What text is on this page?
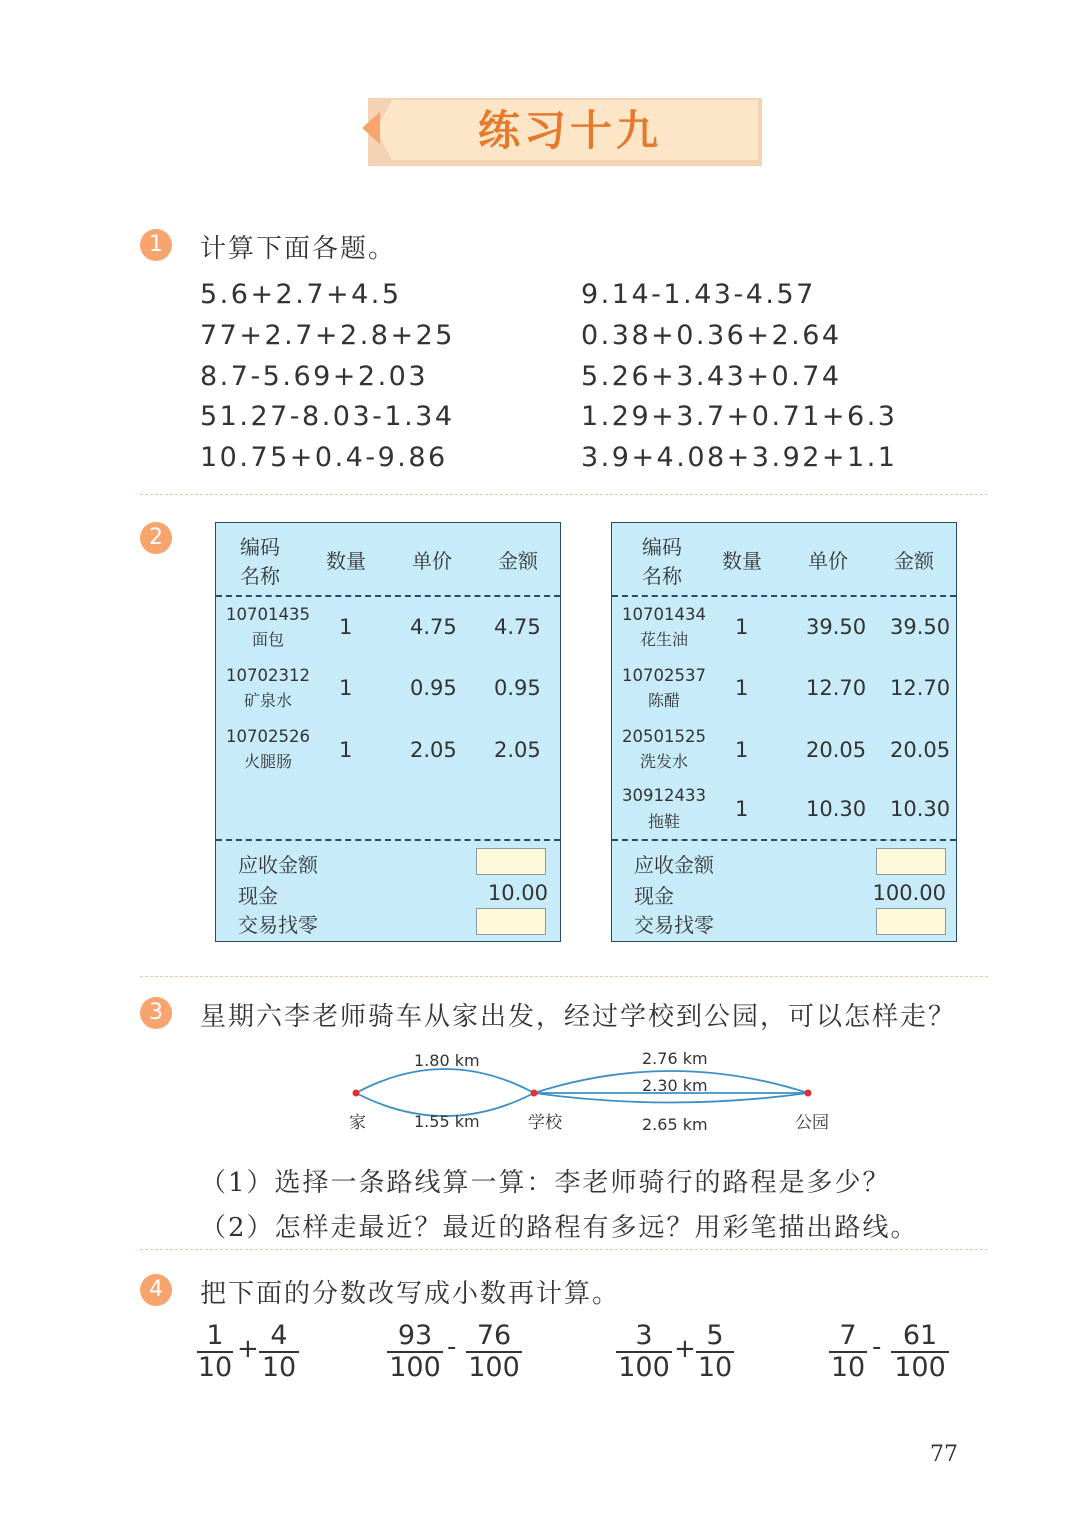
练习十九
1	计算下面各题。
5.6+2.7+4.5
77+2.7+2.8+25
8.7-5.69+2.03
51.27-8.03-1.34
10.75+0.4-9.86
9.14-1.43-4.57
0.38+0.36+2.64
5.26+3.43+0.74
1.29+3.7+0.71+6.3
3.9+4.08+3.92+1.1
2	编码
名称
数量	单价	金额
10701435
面包
1	4.75 4.75
10702312
矿泉水
1	0.95 0.95
10702526
火腿肠	1	2.05 2.05
应收金额
现金	10.00
交易找零
编码
名称
数量	单价	金额
10701434
花生油
1	39.50 39.50
10702537
陈醋
1	12.70 12.70
20501525
洗发水	1	20.05 20.05
30912433
拖鞋
1	10.30 10.30
应收金额
现金	100.00
交易找零
3	星期六李老师骑车从家出发，经过学校到公园，可以怎样走？
1.80 km
1.55 km
2.76 km
2.30 km
2.65 km
家	学校	公园
（1）选择一条路线算一算：李老师骑行的路程是多少？
（2）怎样走最近？最近的路程有多远？用彩笔描出路线。
4	把下面的分数改写成小数再计算。
$\frac{1}{10} + \frac{4}{10}$	$\frac{93}{100} - \frac{76}{100}$	$\frac{3}{100} + \frac{5}{10}$	$\frac{7}{10} - \frac{61}{100}$
77
